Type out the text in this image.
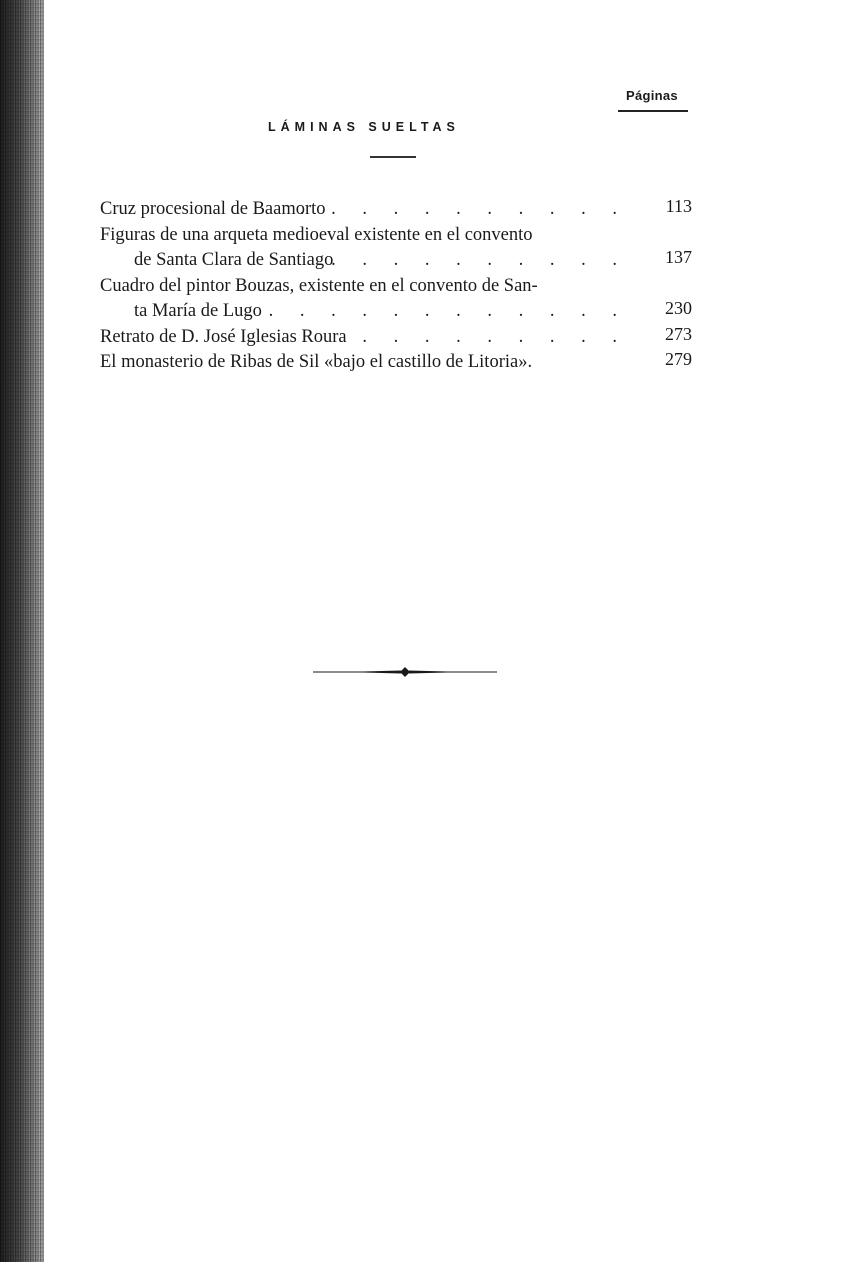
Páginas
LÁMINAS SUELTAS
Cruz procesional de Baamorto
. . . . . . . . . . . 113
Figuras de una arqueta medioeval existente en el convento
de Santa Clara de Santiago
. . . . . . . . . . 137
Cuadro del pintor Bouzas, existente en el convento de San-
ta María de Lugo . . . . . . . . . . . . 230
Retrato de D. José Iglesias Roura . . . . . . . . . 273
El monasterio de Ribas de Sil «bajo el castillo de Litoria».	279
